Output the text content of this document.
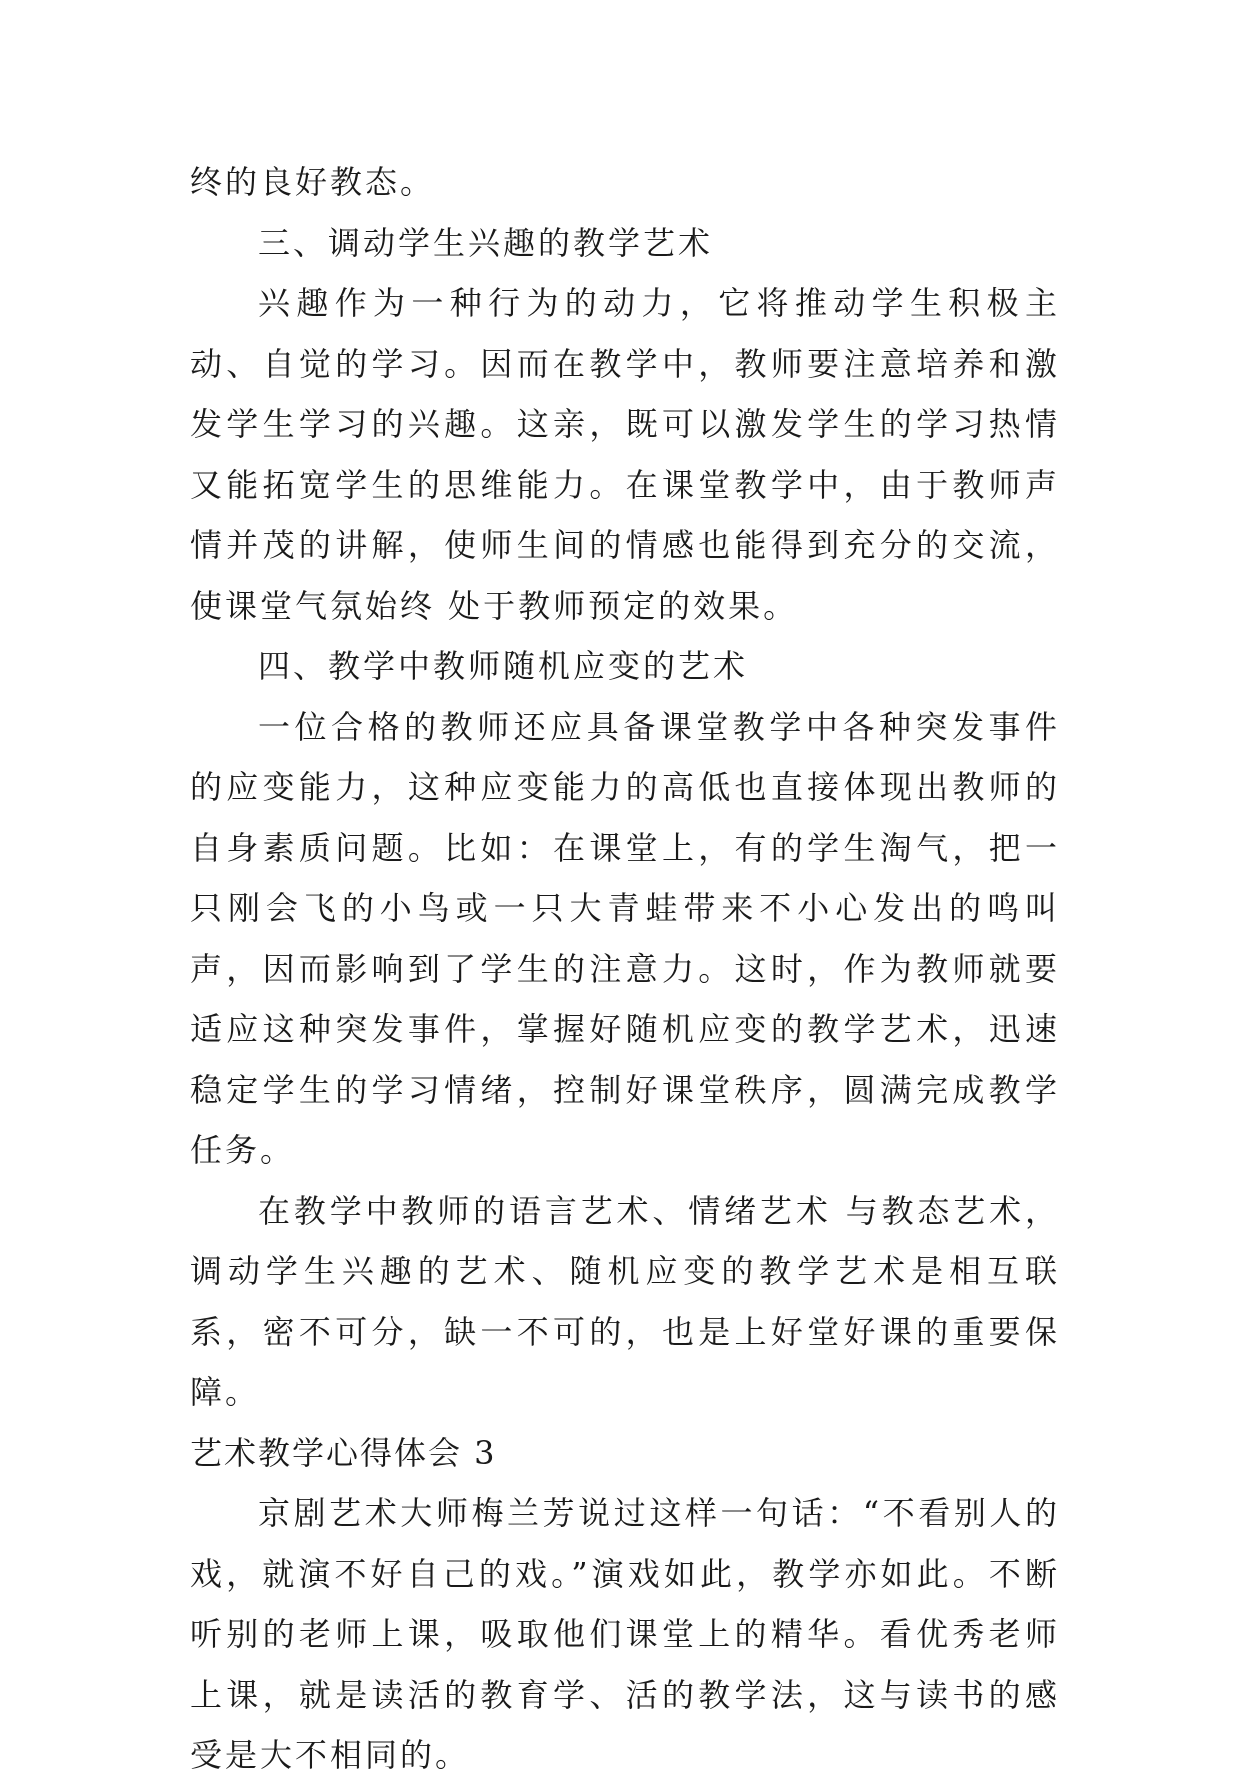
终的良好教态。

三、调动学生兴趣的教学艺术

兴趣作为一种行为的动力，它将推动学生积极主动、自觉的学习。因而在教学中，教师要注意培养和激发学生学习的兴趣。这亲，既可以激发学生的学习热情又能拓宽学生的思维能力。在课堂教学中，由于教师声情并茂的讲解，使师生间的情感也能得到充分的交流，使课堂气氛始终 处于教师预定的效果。

四、教学中教师随机应变的艺术

一位合格的教师还应具备课堂教学中各种突发事件的应变能力，这种应变能力的高低也直接体现出教师的自身素质问题。比如：在课堂上，有的学生淘气，把一只刚会飞的小鸟或一只大青蛙带来不小心发出的鸣叫声，因而影响到了学生的注意力。这时，作为教师就要适应这种突发事件，掌握好随机应变的教学艺术，迅速稳定学生的学习情绪，控制好课堂秩序，圆满完成教学任务。

在教学中教师的语言艺术、情绪艺术 与教态艺术，调动学生兴趣的艺术、随机应变的教学艺术是相互联系，密不可分，缺一不可的，也是上好堂好课的重要保障。

艺术教学心得体会 3

京剧艺术大师梅兰芳说过这样一句话：“不看别人的戏，就演不好自己的戏。”演戏如此，教学亦如此。不断听别的老师上课，吸取他们课堂上的精华。看优秀老师上课，就是读活的教育学、活的教学法，这与读书的感受是大不相同的。
